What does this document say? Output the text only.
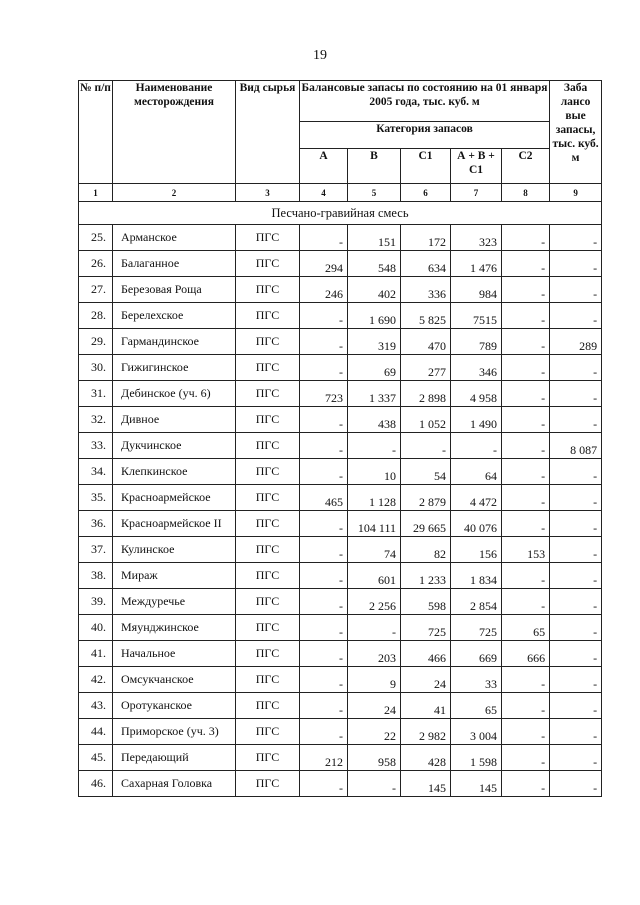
19
№ п/п	Наименование месторождения	Вид сырья	Балансовые запасы по состоянию на 01 января 2005 года, тыс. куб. м					Заба лансо вые запасы, тыс. куб. м
			Категория запасов					
			А	В	С1	А + В + С1	С2	
1	2	3	4	5	6	7	8	9
Песчано-гравийная смесь								
25.	Арманское	ПГС	-	151	172	323	-	-
26.	Балаганное	ПГС	294	548	634	1 476	-	-
27.	Березовая Роща	ПГС	246	402	336	984	-	-
28.	Берелехское	ПГС	-	1 690	5 825	7515	-	-
29.	Гармандинское	ПГС	-	319	470	789	-	289
30.	Гижигинское	ПГС	-	69	277	346	-	-
31.	Дебинское (уч. 6)	ПГС	723	1 337	2 898	4 958	-	-
32.	Дивное	ПГС	-	438	1 052	1 490	-	-
33.	Дукчинское	ПГС	-	-	-	-	-	8 087
34.	Клепкинское	ПГС	-	10	54	64	-	-
35.	Красноармейское	ПГС	465	1 128	2 879	4 472	-	-
36.	Красноармейское II	ПГС	-	104 111	29 665	40 076	-	-
37.	Кулинское	ПГС	-	74	82	156	153	-
38.	Мираж	ПГС	-	601	1 233	1 834	-	-
39.	Междуречье	ПГС	-	2 256	598	2 854	-	-
40.	Мяунджинское	ПГС	-	-	725	725	65	-
41.	Начальное	ПГС	-	203	466	669	666	-
42.	Омсукчанское	ПГС	-	9	24	33	-	-
43.	Оротуканское	ПГС	-	24	41	65	-	-
44.	Приморское (уч. 3)	ПГС	-	22	2 982	3 004	-	-
45.	Передающий	ПГС	212	958	428	1 598	-	-
46.	Сахарная Головка	ПГС	-	-	145	145	-	-
